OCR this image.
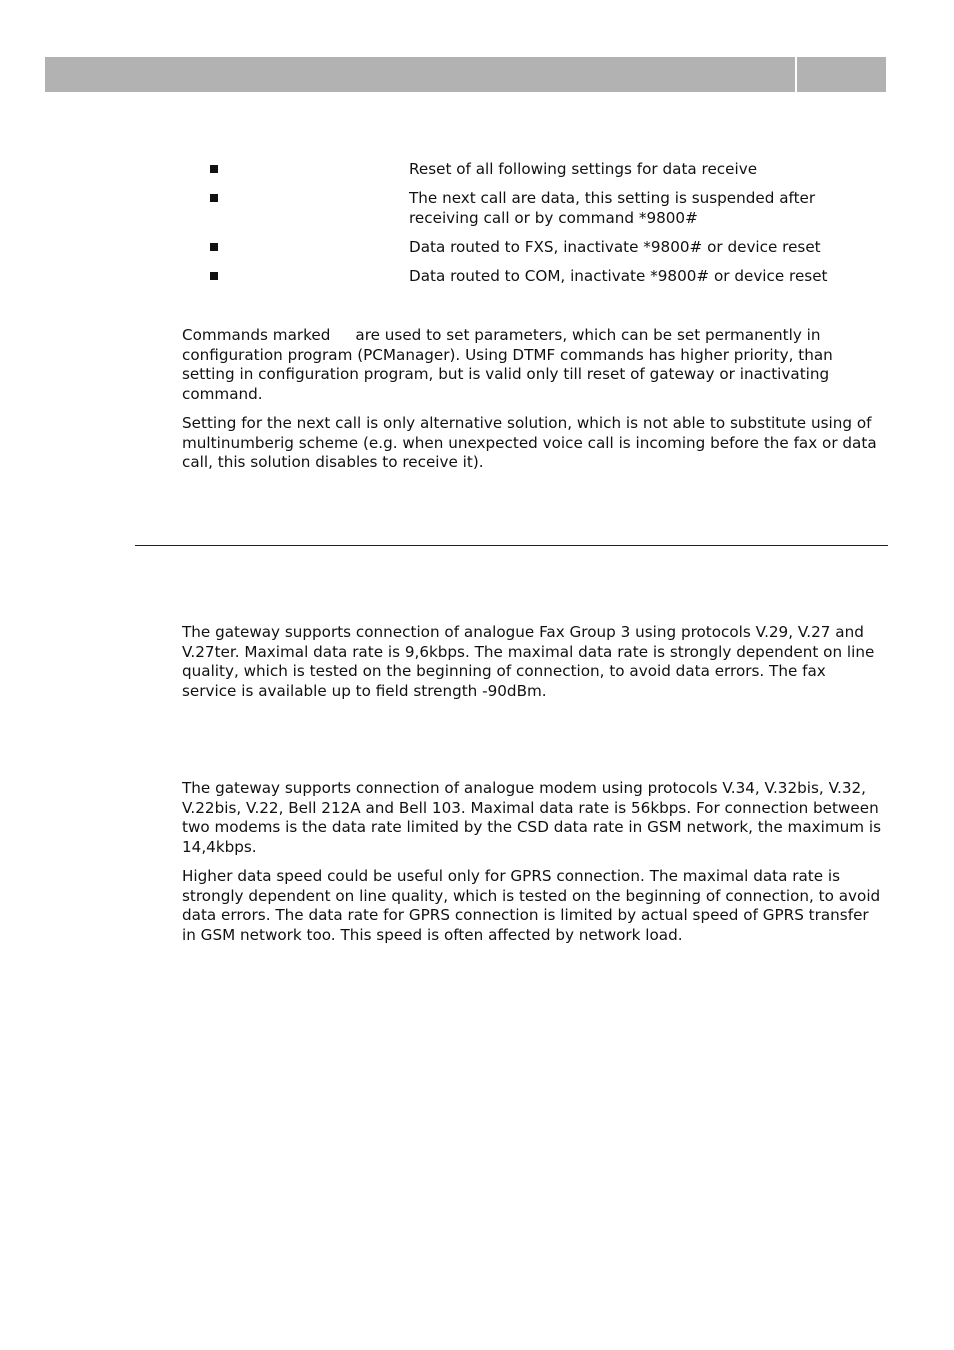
Reset of all following settings for data receive
The next call are data, this setting is suspended after receiving call or by command *9800#
Data routed to FXS, inactivate *9800# or device reset
Data routed to COM, inactivate *9800# or device reset

Commands marked are used to set parameters, which can be set permanently in configuration program (PCManager). Using DTMF commands has higher priority, than setting in configuration program, but is valid only till reset of gateway or inactivating command.

Setting for the next call is only alternative solution, which is not able to substitute using of multinumberig scheme (e.g. when unexpected voice call is incoming before the fax or data call, this solution disables to receive it).

The gateway supports connection of analogue Fax Group 3 using protocols V.29, V.27 and V.27ter. Maximal data rate is 9,6kbps. The maximal data rate is strongly dependent on line quality, which is tested on the beginning of connection, to avoid data errors. The fax service is available up to field strength -90dBm.

The gateway supports connection of analogue modem using protocols V.34, V.32bis, V.32, V.22bis, V.22, Bell 212A and Bell 103. Maximal data rate is 56kbps. For connection between two modems is the data rate limited by the CSD data rate in GSM network, the maximum is 14,4kbps.

Higher data speed could be useful only for GPRS connection. The maximal data rate is strongly dependent on line quality, which is tested on the beginning of connection, to avoid data errors. The data rate for GPRS connection is limited by actual speed of GPRS transfer in GSM network too. This speed is often affected by network load.
